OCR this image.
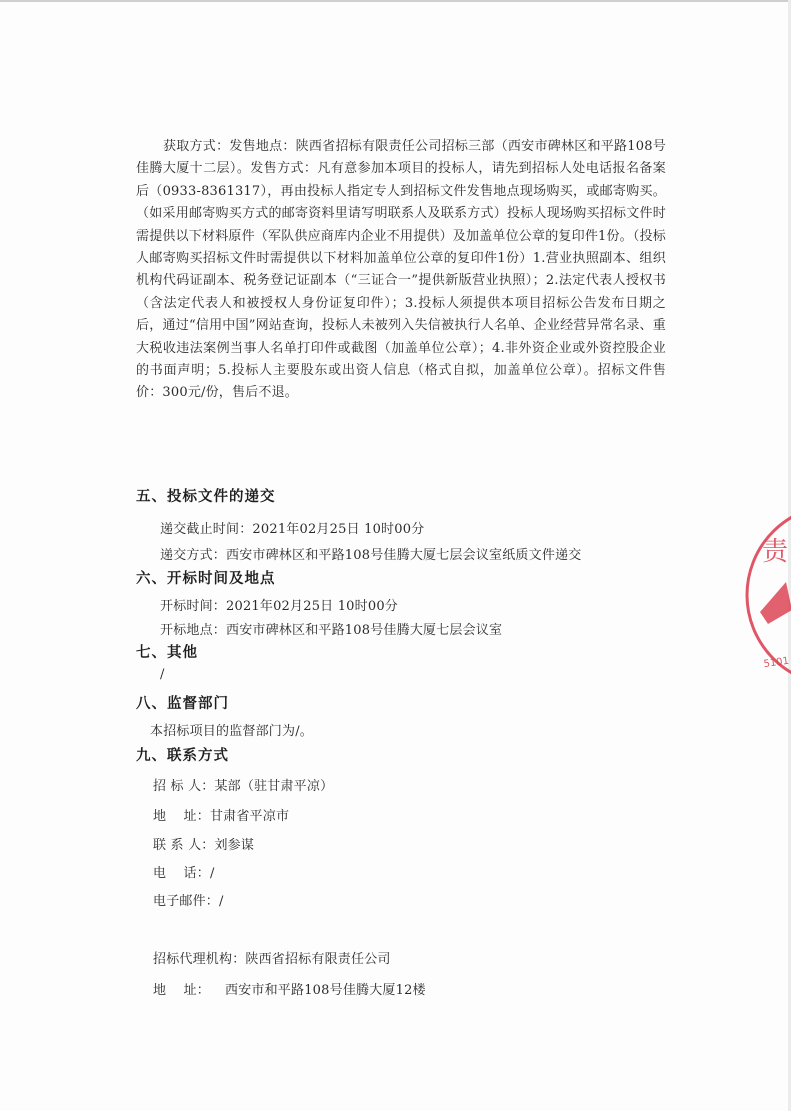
获取方式：发售地点：陕西省招标有限责任公司招标三部（西安市碑林区和平路108号佳腾大厦十二层）。发售方式：凡有意参加本项目的投标人，请先到招标人处电话报名备案后（0933-8361317），再由投标人指定专人到招标文件发售地点现场购买，或邮寄购买。（如采用邮寄购买方式的邮寄资料里请写明联系人及联系方式）投标人现场购买招标文件时需提供以下材料原件（军队供应商库内企业不用提供）及加盖单位公章的复印件1份。（投标人邮寄购买招标文件时需提供以下材料加盖单位公章的复印件1份）1.营业执照副本、组织机构代码证副本、税务登记证副本（“三证合一”提供新版营业执照）；2.法定代表人授权书（含法定代表人和被授权人身份证复印件）；3.投标人须提供本项目招标公告发布日期之后，通过“信用中国”网站查询，投标人未被列入失信被执行人名单、企业经营异常名录、重大税收违法案例当事人名单打印件或截图（加盖单位公章）；4.非外资企业或外资控股企业的书面声明；5.投标人主要股东或出资人信息（格式自拟，加盖单位公章）。招标文件售价：300元/份，售后不退。

五、投标文件的递交

递交截止时间：2021年02月25日 10时00分

递交方式：西安市碑林区和平路108号佳腾大厦七层会议室纸质文件递交

六、开标时间及地点

开标时间：2021年02月25日 10时00分

开标地点：西安市碑林区和平路108号佳腾大厦七层会议室

七、其他

/

八、监督部门

本招标项目的监督部门为/。

九、联系方式

招 标 人：某部（驻甘肃平凉）

地    址：甘肃省平凉市

联 系 人：刘参谋

电    话：/

电子邮件：/

招标代理机构：陕西省招标有限责任公司

地    址： 西安市和平路108号佳腾大厦12楼

责
5101
